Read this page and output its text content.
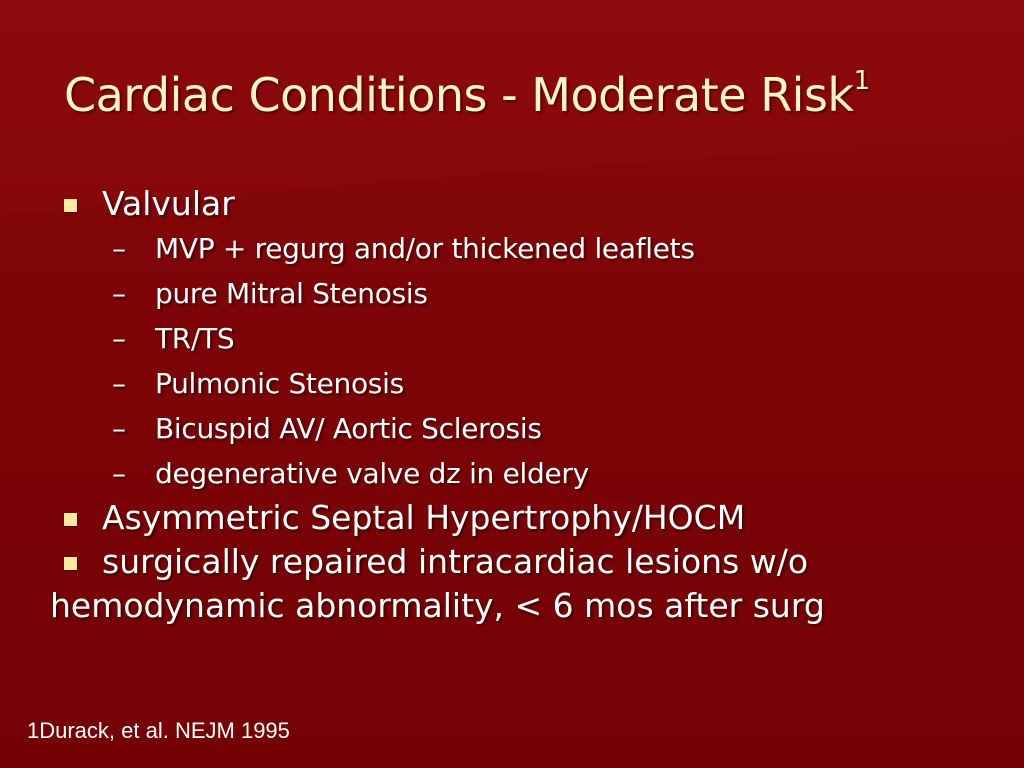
Cardiac Conditions - Moderate Risk$^1$
Valvular
– MVP + regurg and/or thickened leaflets
– pure Mitral Stenosis
– TR/TS
– Pulmonic Stenosis
– Bicuspid AV/ Aortic Sclerosis
– degenerative valve dz in eldery
Asymmetric Septal Hypertrophy/HOCM
surgically repaired intracardiac lesions w/o
hemodynamic abnormality, < 6 mos after surg
1Durack, et al. NEJM 1995
